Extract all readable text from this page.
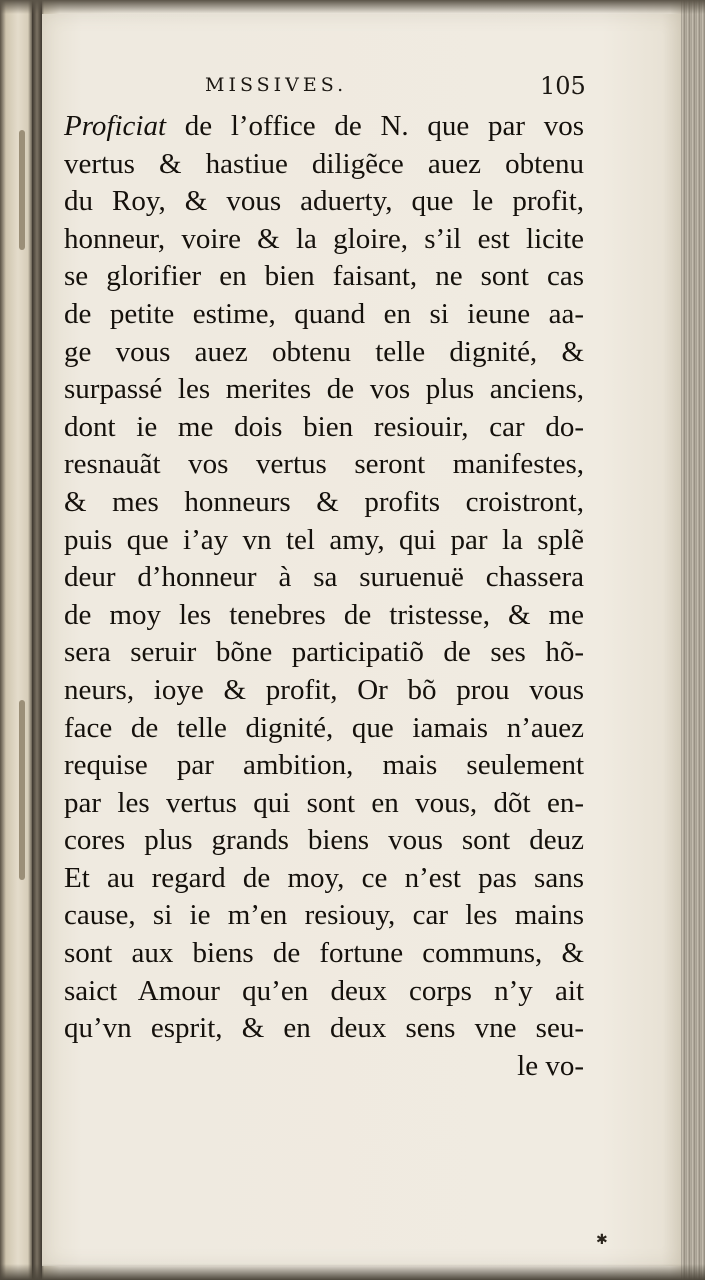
MISSIVES.	105
Proficiat de l’office de N. que par vos
vertus & hastiue diligẽce auez obtenu
du Roy, & vous aduerty, que le profit,
honneur, voire & la gloire, s’il est licite
se glorifier en bien faisant, ne sont cas
de petite estime, quand en si ieune aa-
ge vous auez obtenu telle dignité, &
surpassé les merites de vos plus anciens,
dont ie me dois bien resiouir, car do-
resnauãt vos vertus seront manifestes,
& mes honneurs & profits croistront,
puis que i’ay vn tel amy, qui par la splẽ
deur d’honneur à sa suruenuë chassera
de moy les tenebres de tristesse, & me
sera seruir bõne participatiõ de ses hõ-
neurs, ioye & profit, Or bõ prou vous
face de telle dignité, que iamais n’auez
requise par ambition, mais seulement
par les vertus qui sont en vous, dõt en-
cores plus grands biens vous sont deuz
Et au regard de moy, ce n’est pas sans
cause, si ie m’en resiouy, car les mains
sont aux biens de fortune communs, &
saict Amour qu’en deux corps n’y ait
qu’vn esprit, & en deux sens vne seu-
le vo-
✱
